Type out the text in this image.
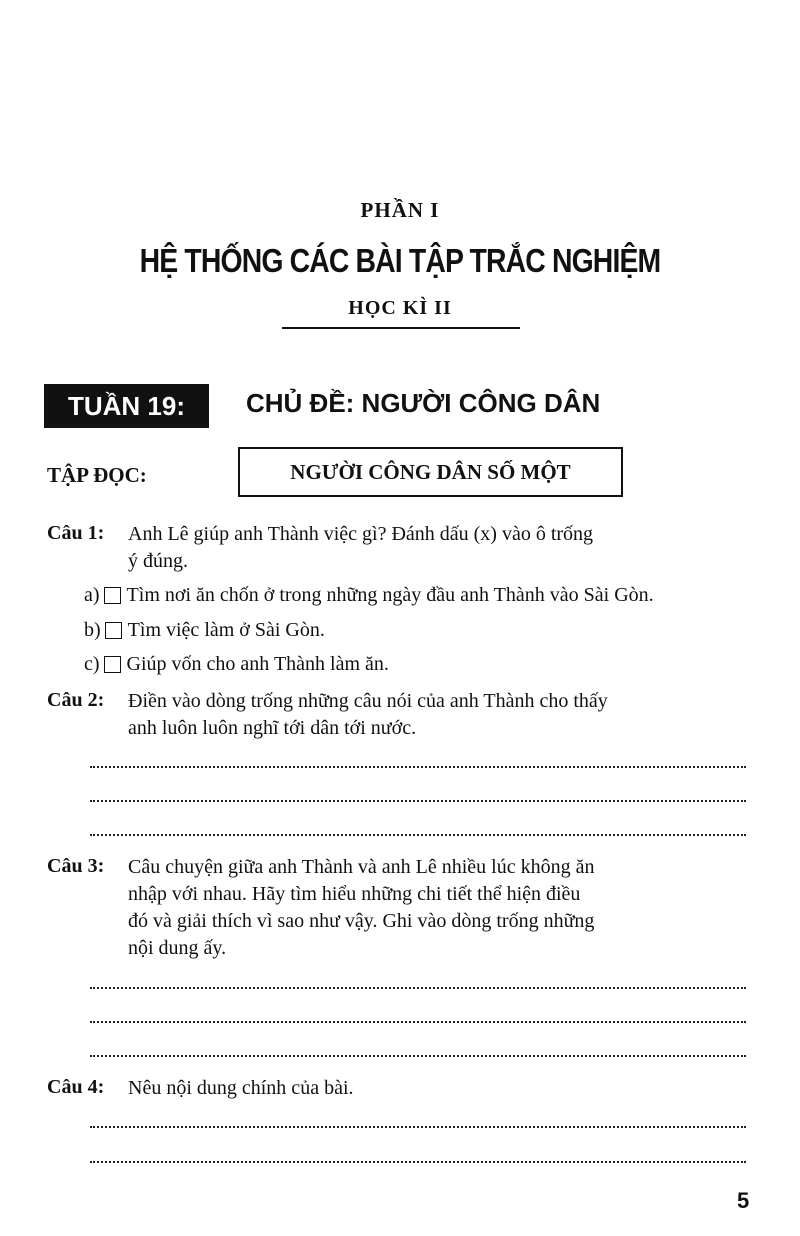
PHẦN I
HỆ THỐNG CÁC BÀI TẬP TRẮC NGHIỆM
HỌC KÌ II
TUẦN 19:	CHỦ ĐỀ: NGƯỜI CÔNG DÂN
TẬP ĐỌC:	NGƯỜI CÔNG DÂN SỐ MỘT
Câu 1: Anh Lê giúp anh Thành việc gì? Đánh dấu (x) vào ô trống
ý đúng.
a) Tìm nơi ăn chốn ở trong những ngày đầu anh Thành vào Sài Gòn.
b) Tìm việc làm ở Sài Gòn.
c) Giúp vốn cho anh Thành làm ăn.
Câu 2: Điền vào dòng trống những câu nói của anh Thành cho thấy
anh luôn luôn nghĩ tới dân tới nước.
Câu 3: Câu chuyện giữa anh Thành và anh Lê nhiều lúc không ăn
nhập với nhau. Hãy tìm hiểu những chi tiết thể hiện điều
đó và giải thích vì sao như vậy. Ghi vào dòng trống những
nội dung ấy.
Câu 4: Nêu nội dung chính của bài.
5
